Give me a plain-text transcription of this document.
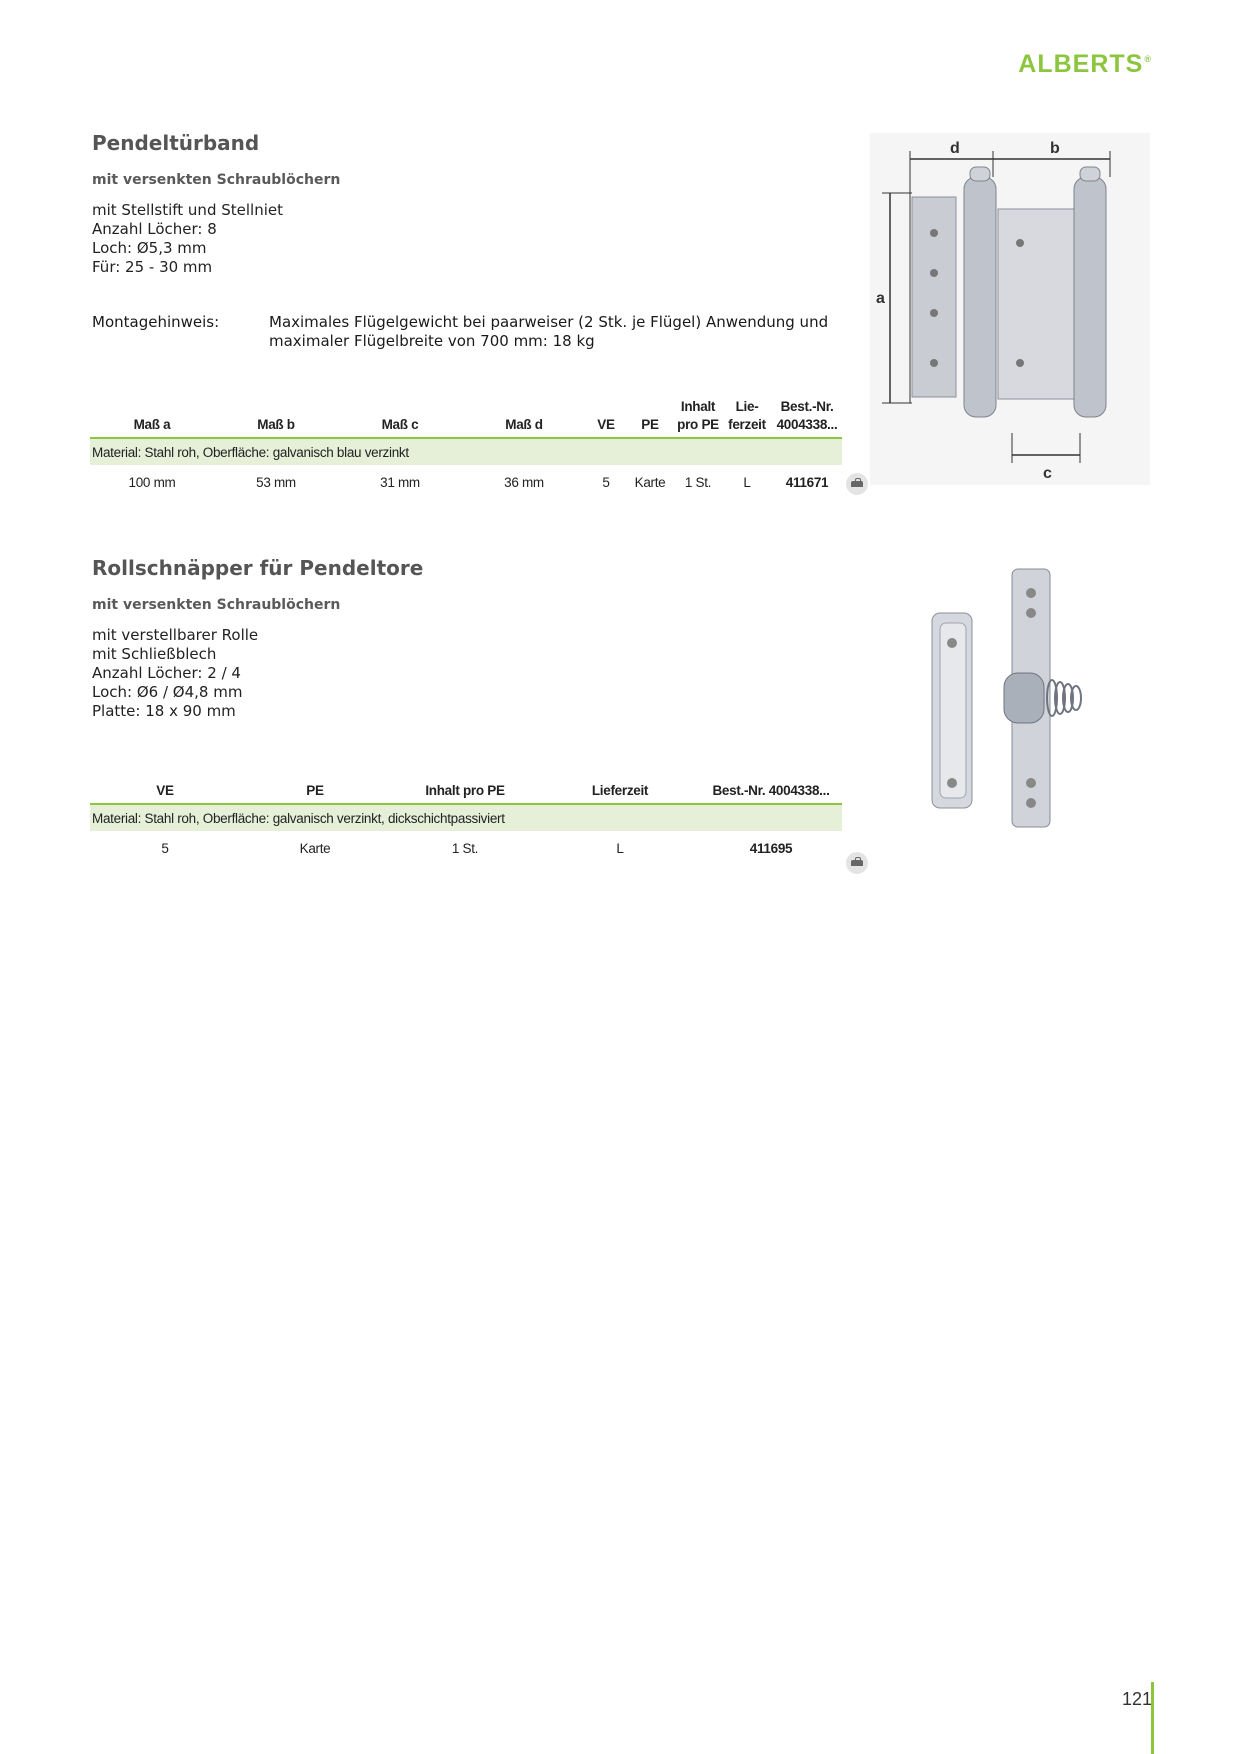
ALBERTS®
Pendeltürband
mit versenkten Schraublöchern
mit Stellstift und Stellniet
Anzahl Löcher: 8
Loch: Ø5,3 mm
Für: 25 - 30 mm
Montagehinweis:	Maximales Flügelgewicht bei paarweiser (2 Stk. je Flügel) Anwendung und maximaler Flügelbreite von 700 mm: 18 kg
Maß a	Maß b	Maß c	Maß d	VE	PE	Inhalt pro PE	Lie-ferzeit	Best.-Nr. 4004338...
Material: Stahl roh, Oberfläche: galvanisch blau verzinkt								
100 mm	53 mm	31 mm	36 mm	5	Karte	1 St.	L	411671
d	b
a
c
Rollschnäpper für Pendeltore
mit versenkten Schraublöchern
mit verstellbarer Rolle
mit Schließblech
Anzahl Löcher: 2 / 4
Loch: Ø6 / Ø4,8 mm
Platte: 18 x 90 mm
VE	PE	Inhalt pro PE	Lieferzeit	Best.-Nr. 4004338...
Material: Stahl roh, Oberfläche: galvanisch verzinkt, dickschichtpassiviert				
5	Karte	1 St.	L	411695
121
